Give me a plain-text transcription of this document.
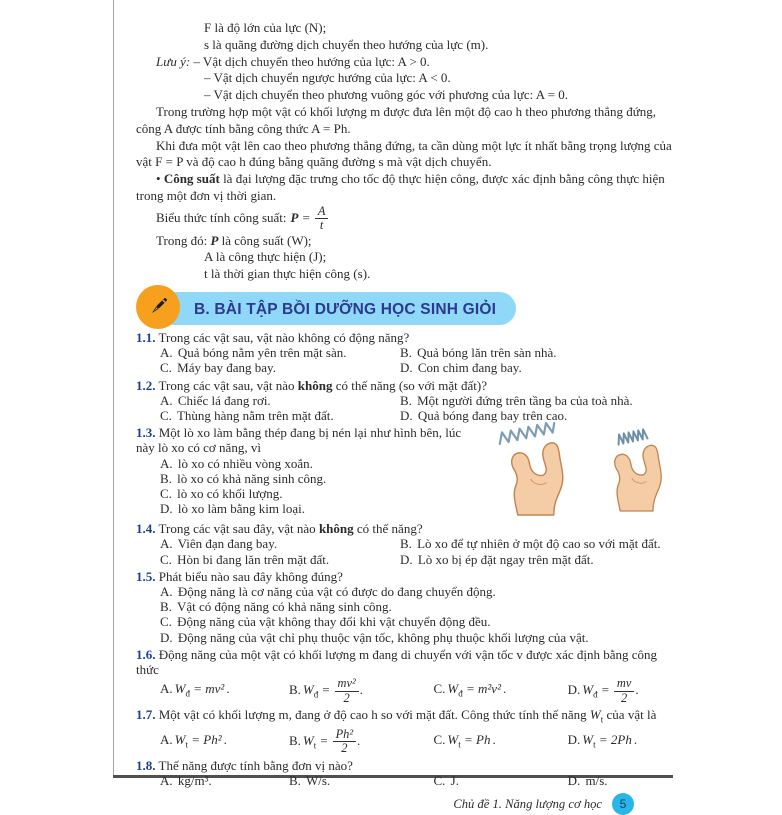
F là độ lớn của lực (N);

s là quãng đường dịch chuyển theo hướng của lực (m).

Lưu ý: – Vật dịch chuyển theo hướng của lực: A > 0.

– Vật dịch chuyển ngược hướng của lực: A < 0.

– Vật dịch chuyển theo phương vuông góc với phương của lực: A = 0.

Trong trường hợp một vật có khối lượng m được đưa lên một độ cao h theo phương thẳng đứng, công A được tính bằng công thức A = Ph.

Khi đưa một vật lên cao theo phương thẳng đứng, ta cần dùng một lực ít nhất bằng trọng lượng của vật F = P và độ cao h đúng bằng quãng đường s mà vật dịch chuyển.

• Công suất là đại lượng đặc trưng cho tốc độ thực hiện công, được xác định bằng công thực hiện trong một đơn vị thời gian.

Biểu thức tính công suất: $P = \frac{A}{t}$

Trong đó: P là công suất (W);

A là công thực hiện (J);

t là thời gian thực hiện công (s).

B. BÀI TẬP BỒI DƯỠNG HỌC SINH GIỎI

1.1. Trong các vật sau, vật nào không có động năng?

A. Quả bóng nằm yên trên mặt sàn.	B. Quả bóng lăn trên sàn nhà.
C. Máy bay đang bay.	D. Con chim đang bay.

1.2. Trong các vật sau, vật nào không có thế năng (so với mặt đất)?

A. Chiếc lá đang rơi.	B. Một người đứng trên tầng ba của toà nhà.
C. Thùng hàng nằm trên mặt đất.	D. Quả bóng đang bay trên cao.

1.3. Một lò xo làm bằng thép đang bị nén lại như hình bên, lúc này lò xo có cơ năng, vì

A. lò xo có nhiều vòng xoắn.
B. lò xo có khả năng sinh công.
C. lò xo có khối lượng.
D. lò xo làm bằng kim loại.

1.4. Trong các vật sau đây, vật nào không có thế năng?

A. Viên đạn đang bay.	B. Lò xo để tự nhiên ở một độ cao so với mặt đất.
C. Hòn bi đang lăn trên mặt đất.	D. Lò xo bị ép đặt ngay trên mặt đất.

1.5. Phát biểu nào sau đây không đúng?

A. Động năng là cơ năng của vật có được do đang chuyển động.
B. Vật có động năng có khả năng sinh công.
C. Động năng của vật không thay đổi khi vật chuyển động đều.
D. Động năng của vật chỉ phụ thuộc vận tốc, không phụ thuộc khối lượng của vật.

1.6. Động năng của một vật có khối lượng m đang di chuyển với vận tốc v được xác định bằng công thức

A. $W_đ = mv^2$ .	B. $W_đ = \frac{\text{mv²}}{2}$ .	C. $W_đ = m^2v^2$ .	D. $W_đ = \frac{mv}{2}$ .

1.7. Một vật có khối lượng m, đang ở độ cao h so với mặt đất. Công thức tính thế năng $W_t$ của vật là

A. $W_t = Ph^2$ .	B. $W_t = \frac{\text{Ph²}}{2}$ .	C. $W_t = Ph$ .	D. $W_t = 2Ph$ .

1.8. Thế năng được tính bằng đơn vị nào?

A. kg/m³.	B. W/s.	C. J.	D. m/s.
Chủ đề 1. Năng lượng cơ học	5
